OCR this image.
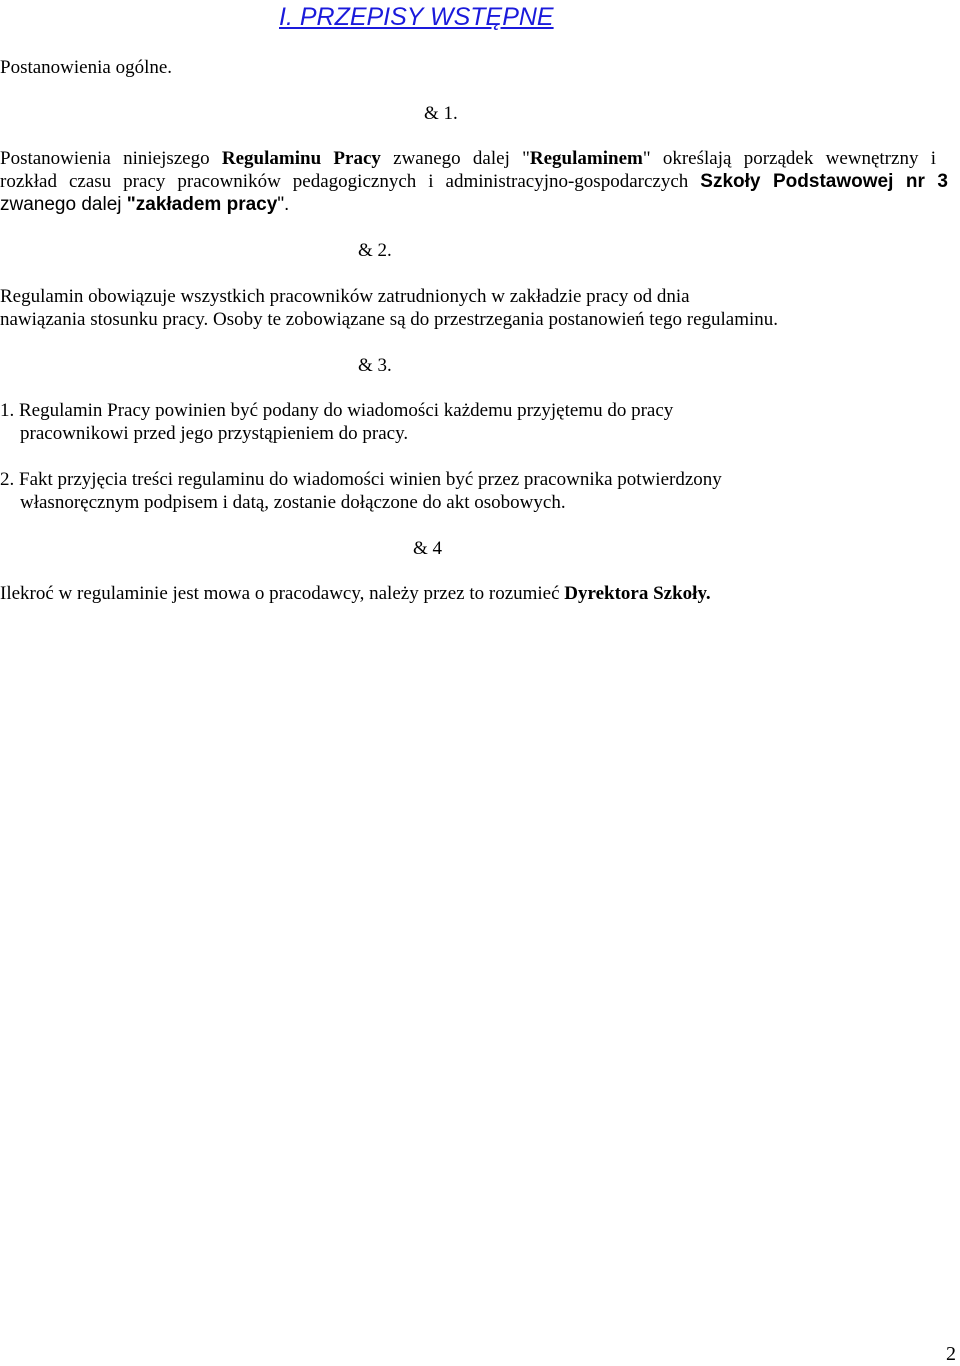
I. PRZEPISY WSTĘPNE
Postanowienia ogólne.
& 1.
Postanowienia niniejszego Regulaminu Pracy zwanego dalej "Regulaminem" określają porządek wewnętrzny i
rozkład czasu pracy pracowników pedagogicznych i administracyjno-gospodarczych Szkoły Podstawowej nr 3
zwanego dalej "zakładem pracy".
& 2.
Regulamin obowiązuje wszystkich pracowników zatrudnionych w zakładzie pracy od dnia
nawiązania stosunku pracy. Osoby te zobowiązane są do przestrzegania postanowień tego regulaminu.
& 3.
1. Regulamin Pracy powinien być podany do wiadomości każdemu przyjętemu do pracy
pracownikowi przed jego przystąpieniem do pracy.
2. Fakt przyjęcia treści regulaminu do wiadomości winien być przez pracownika potwierdzony
własnoręcznym podpisem i datą, zostanie dołączone do akt osobowych.
& 4
Ilekroć w regulaminie jest mowa o pracodawcy, należy przez to rozumieć Dyrektora Szkoły.
2
